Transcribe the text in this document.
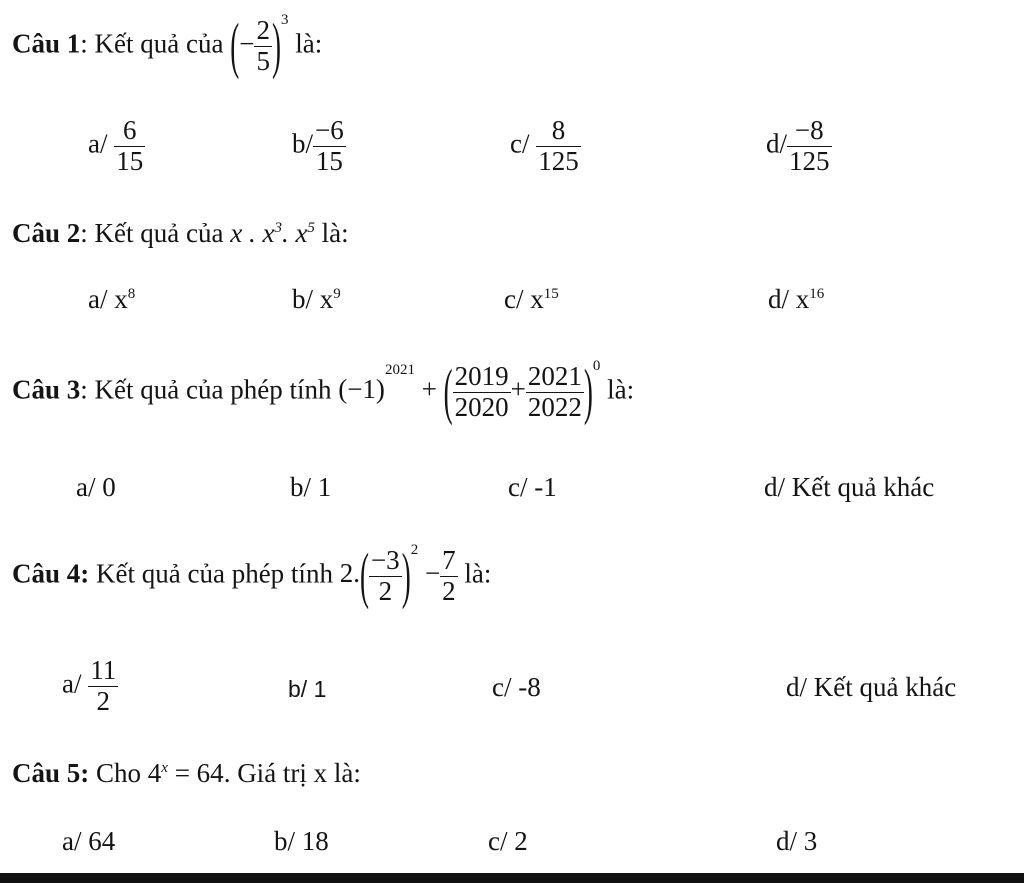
Câu 1: Kết quả của (− $\frac{2}{5} )^3$ là:
$a/ \frac{6}{15}$	$b/ \frac{-6}{15}$	$c/ \frac{8}{125}$	$d/ \frac{-8}{125}$
Câu 2: Kết quả của x . $x^3$. $x^5$ là:
a/ $x^8$	b/ $x^9$	c/ $x^{15}$	d/ $x^{16}$
Câu 3: Kết quả của phép tính $(-1)^{2021}$ + ( $\frac{2019}{2020} + \frac{2021}{2022} )^0$ là:
a/ 0	b/ 1	c/ -1	d/ Kết quả khác
Câu 4: Kết quả của phép tính $2.( \frac{-3}{2} )^2 - \frac{7}{2}$ là:
$a/ \frac{11}{2}$	b/ 1	c/ -8	d/ Kết quả khác
Câu 5: Cho $4^x = 64$. Giá trị x là:
a/ 64	b/ 18	c/ 2	d/ 3
